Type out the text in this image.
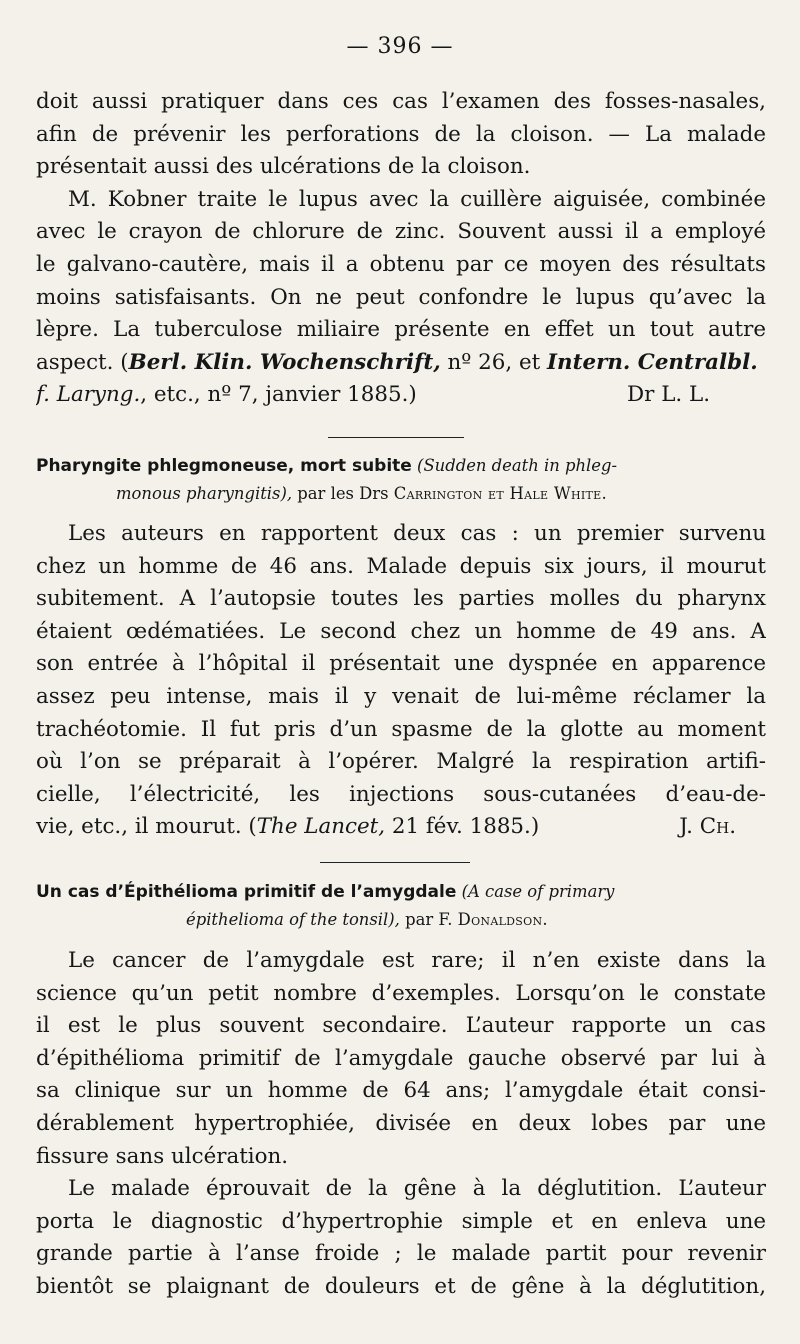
— 396 —
doit aussi pratiquer dans ces cas l’examen des fosses-nasales,
afin de prévenir les perforations de la cloison. — La malade
présentait aussi des ulcérations de la cloison.
M. Kobner traite le lupus avec la cuillère aiguisée, combinée
avec le crayon de chlorure de zinc. Souvent aussi il a employé
le galvano-cautère, mais il a obtenu par ce moyen des résultats
moins satisfaisants. On ne peut confondre le lupus qu’avec la
lèpre. La tuberculose miliaire présente en effet un tout autre
aspect. (Berl. Klin. Wochenschrift, nº 26, et Intern. Centralbl.
f. Laryng., etc., nº 7, janvier 1885.)	Dr L. L.
Pharyngite phlegmoneuse, mort subite (Sudden death in phleg-
monous pharyngitis), par les Drs Carrington et Hale White.
Les auteurs en rapportent deux cas : un premier survenu
chez un homme de 46 ans. Malade depuis six jours, il mourut
subitement. A l’autopsie toutes les parties molles du pharynx
étaient œdématiées. Le second chez un homme de 49 ans. A
son entrée à l’hôpital il présentait une dyspnée en apparence
assez peu intense, mais il y venait de lui-même réclamer la
trachéotomie. Il fut pris d’un spasme de la glotte au moment
où l’on se préparait à l’opérer. Malgré la respiration artifi-
cielle, l’électricité, les injections sous-cutanées d’eau-de-
vie, etc., il mourut. (The Lancet, 21 fév. 1885.)	J. Ch.
Un cas d’Épithélioma primitif de l’amygdale (A case of primary
épithelioma of the tonsil), par F. Donaldson.
Le cancer de l’amygdale est rare; il n’en existe dans la
science qu’un petit nombre d’exemples. Lorsqu’on le constate
il est le plus souvent secondaire. L’auteur rapporte un cas
d’épithélioma primitif de l’amygdale gauche observé par lui à
sa clinique sur un homme de 64 ans; l’amygdale était consi-
dérablement hypertrophiée, divisée en deux lobes par une
fissure sans ulcération.
Le malade éprouvait de la gêne à la déglutition. L’auteur
porta le diagnostic d’hypertrophie simple et en enleva une
grande partie à l’anse froide ; le malade partit pour revenir
bientôt se plaignant de douleurs et de gêne à la déglutition,
